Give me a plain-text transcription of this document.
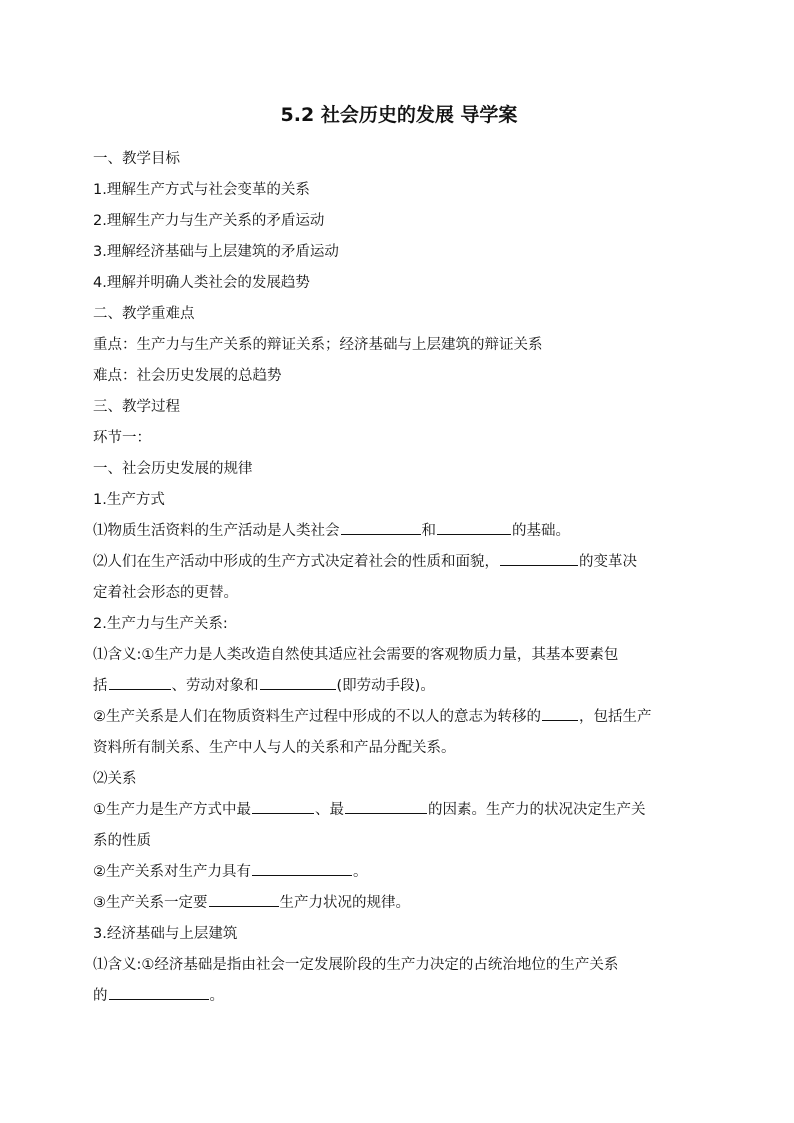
5.2 社会历史的发展 导学案
一、教学目标
1.理解生产方式与社会变革的关系
2.理解生产力与生产关系的矛盾运动
3.理解经济基础与上层建筑的矛盾运动
4.理解并明确人类社会的发展趋势
二、教学重难点
重点：生产力与生产关系的辩证关系；经济基础与上层建筑的辩证关系
难点：社会历史发展的总趋势
三、教学过程
环节一：
一、社会历史发展的规律
1.生产方式
⑴物质生活资料的生产活动是人类社会	和	的基础。
⑵人们在生产活动中形成的生产方式决定着社会的性质和面貌，	的变革决
定着社会形态的更替。
2.生产力与生产关系:
⑴含义:①生产力是人类改造自然使其适应社会需要的客观物质力量，其基本要素包
括	、劳动对象和	(即劳动手段)。
②生产关系是人们在物质资料生产过程中形成的不以人的意志为转移的	，包括生产
资料所有制关系、生产中人与人的关系和产品分配关系。
⑵关系
①生产力是生产方式中最	、最	的因素。生产力的状况决定生产关
系的性质
②生产关系对生产力具有	。
③生产关系一定要	生产力状况的规律。
3.经济基础与上层建筑
⑴含义:①经济基础是指由社会一定发展阶段的生产力决定的占统治地位的生产关系
的	。
